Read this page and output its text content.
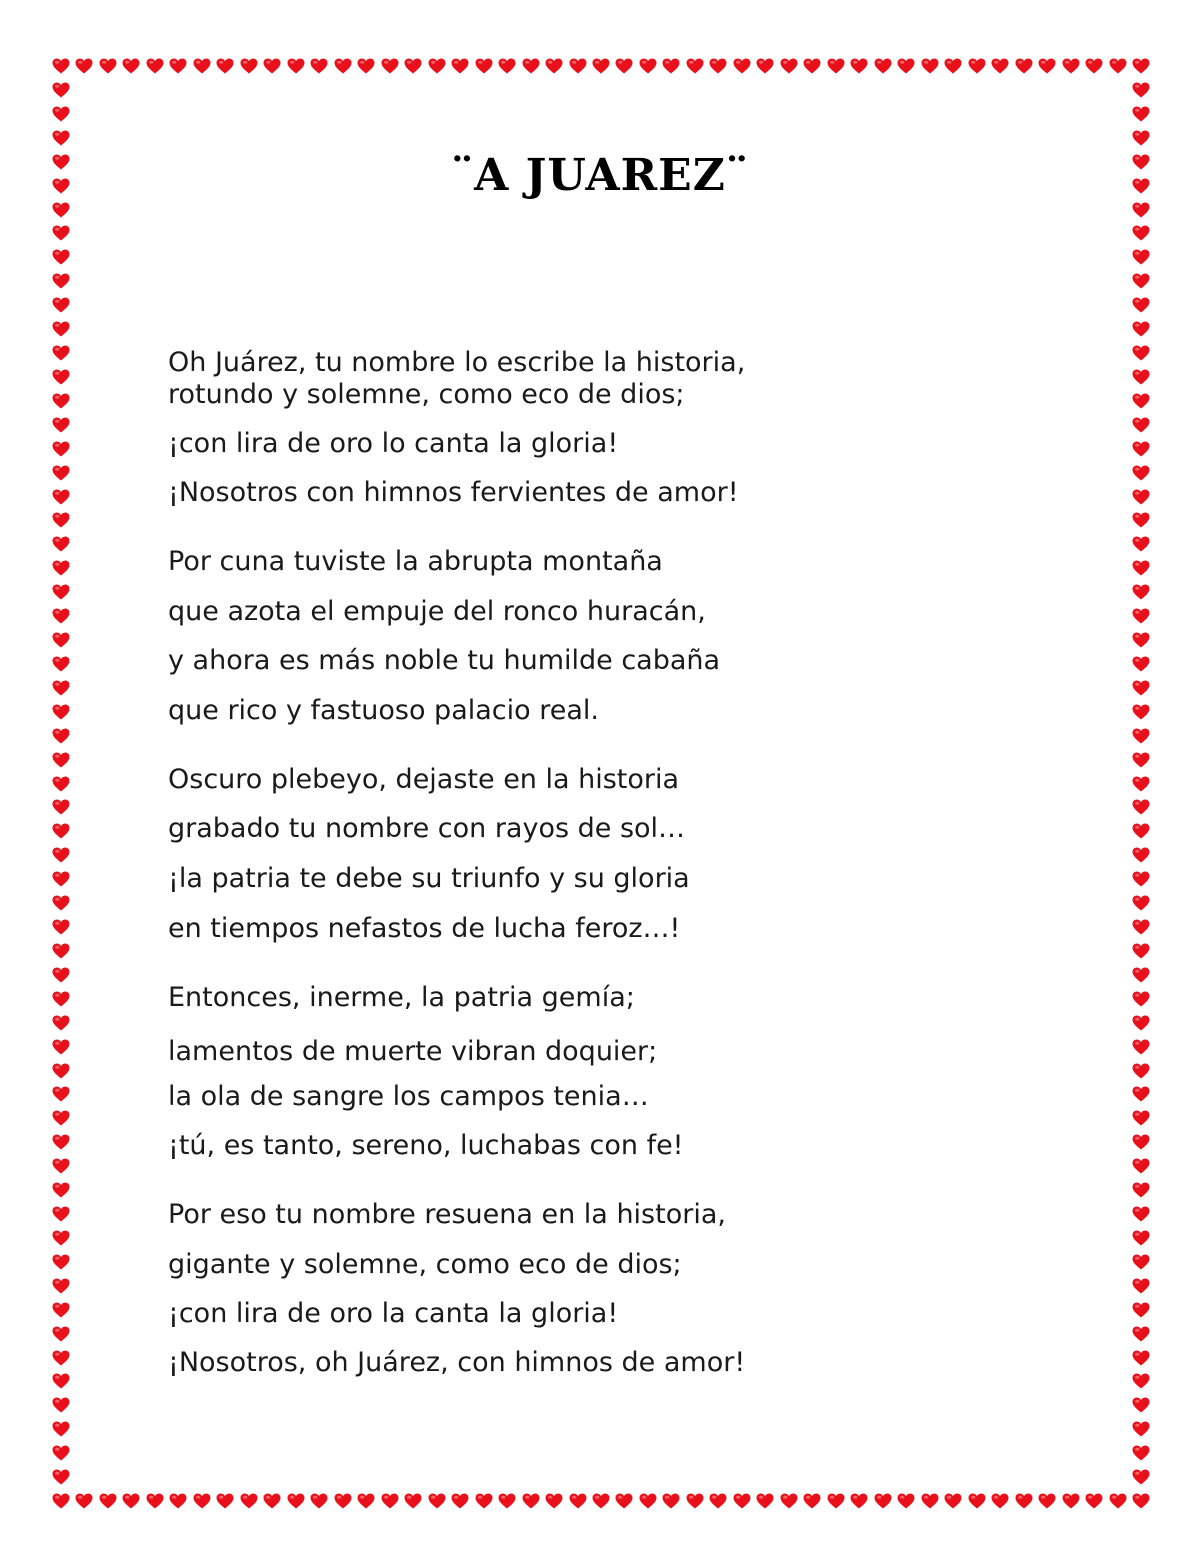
¨A JUAREZ¨
Oh Juárez, tu nombre lo escribe la historia,
rotundo y solemne, como eco de dios;
¡con lira de oro lo canta la gloria!
¡Nosotros con himnos fervientes de amor!
Por cuna tuviste la abrupta montaña
que azota el empuje del ronco huracán,
y ahora es más noble tu humilde cabaña
que rico y fastuoso palacio real.
Oscuro plebeyo, dejaste en la historia
grabado tu nombre con rayos de sol…
¡la patria te debe su triunfo y su gloria
en tiempos nefastos de lucha feroz…!
Entonces, inerme, la patria gemía;
lamentos de muerte vibran doquier;
la ola de sangre los campos tenia…
¡tú, es tanto, sereno, luchabas con fe!
Por eso tu nombre resuena en la historia,
gigante y solemne, como eco de dios;
¡con lira de oro la canta la gloria!
¡Nosotros, oh Juárez, con himnos de amor!
